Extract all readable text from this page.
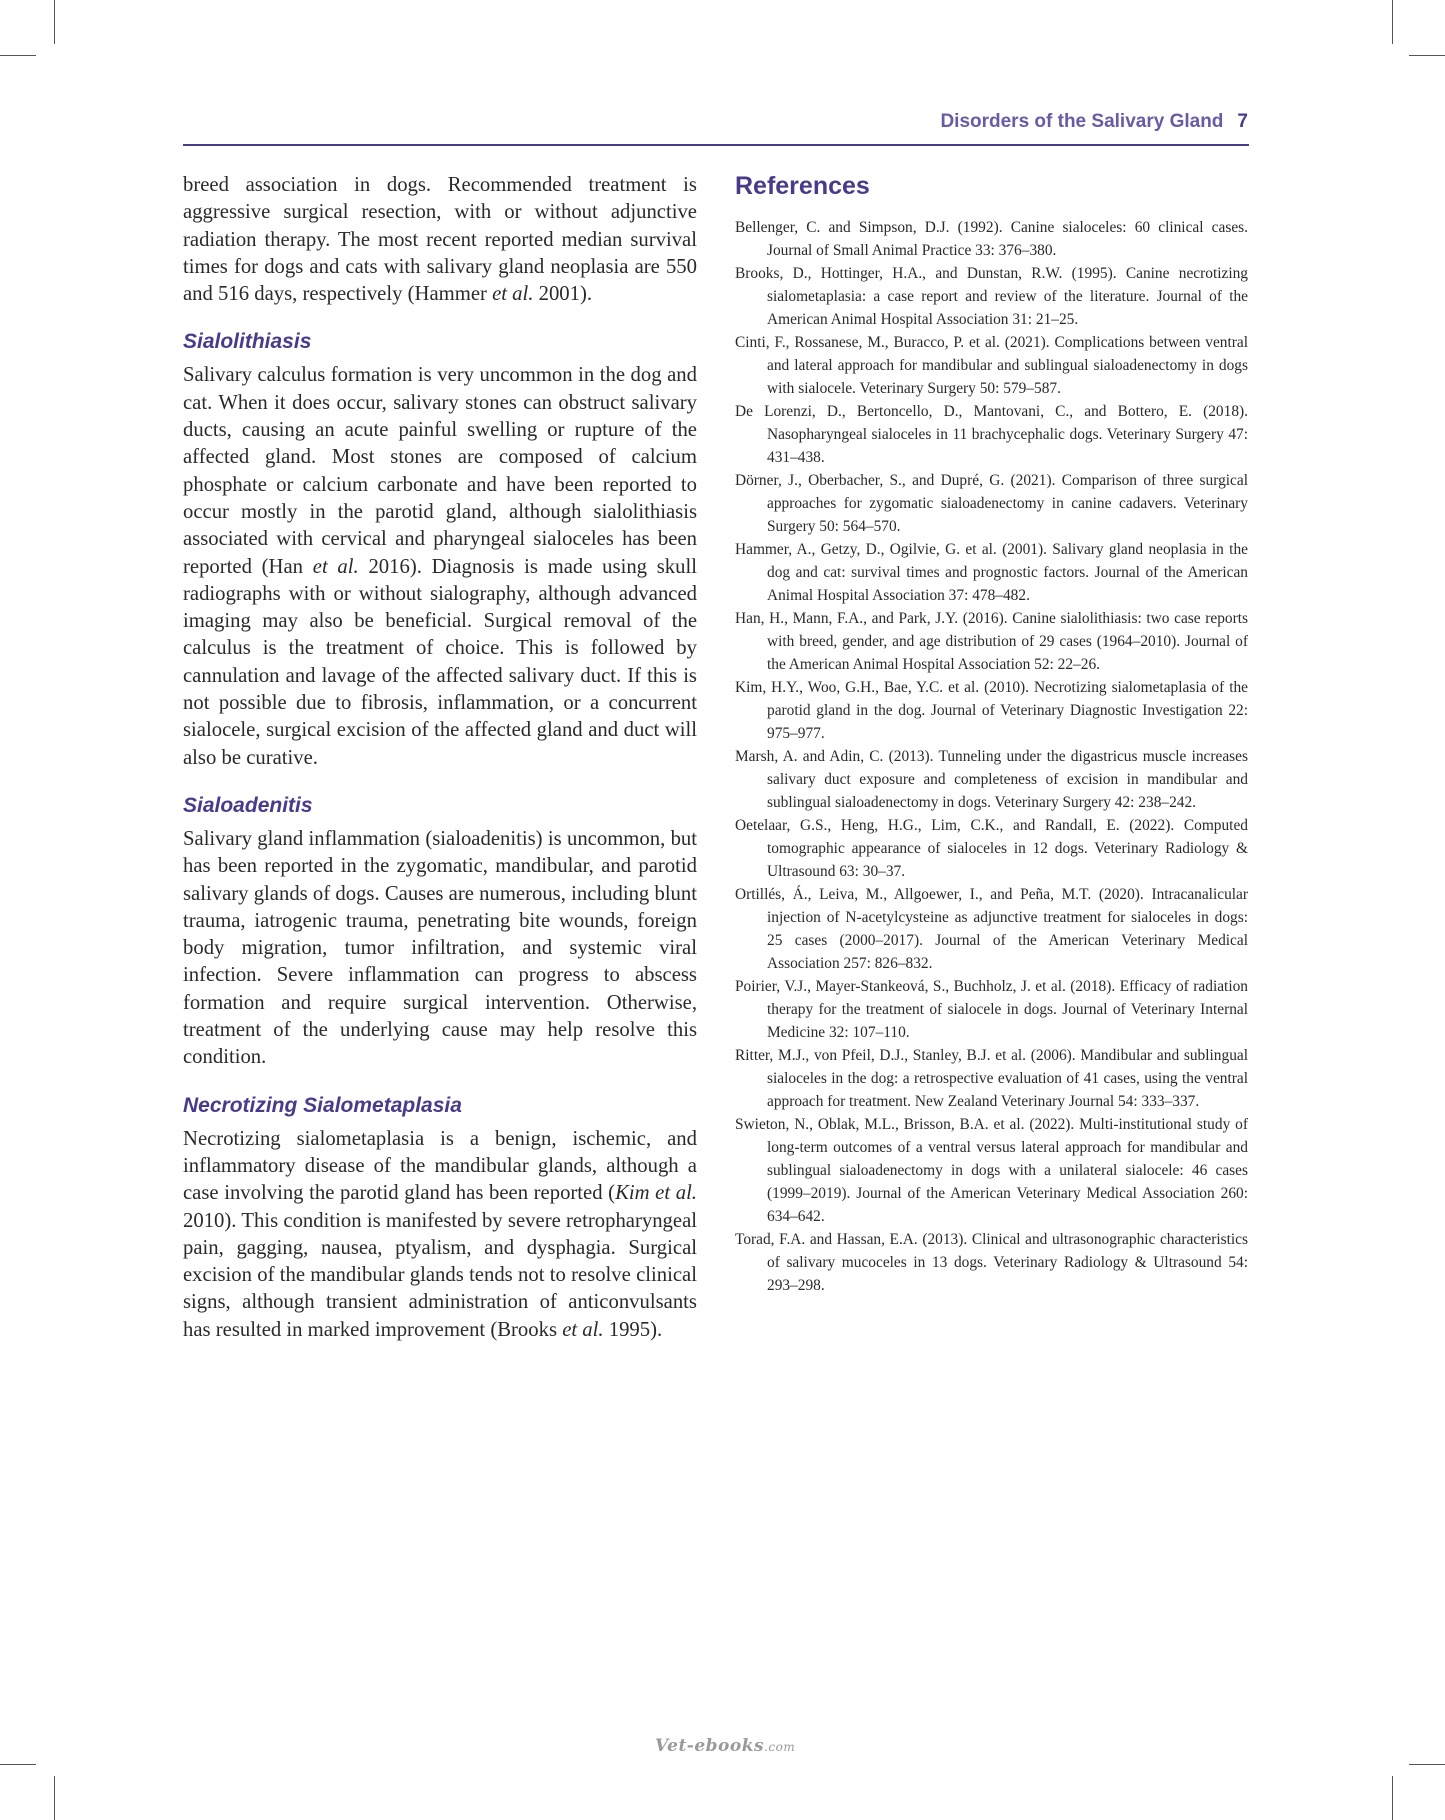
Disorders of the Salivary Gland 7

breed association in dogs. Recommended treatment is aggressive surgical resection, with or without adjunctive radiation therapy. The most recent reported median survival times for dogs and cats with salivary gland neoplasia are 550 and 516 days, respectively (Hammer et al. 2001).

Sialolithiasis

Salivary calculus formation is very uncommon in the dog and cat. When it does occur, salivary stones can obstruct salivary ducts, causing an acute painful swelling or rupture of the affected gland. Most stones are composed of calcium phosphate or calcium carbonate and have been reported to occur mostly in the parotid gland, although sialolithiasis associated with cervical and pharyngeal sialoceles has been reported (Han et al. 2016). Diagnosis is made using skull radiographs with or without sialography, although advanced imaging may also be beneficial. Surgical removal of the calculus is the treatment of choice. This is followed by cannulation and lavage of the affected salivary duct. If this is not possible due to fibrosis, inflammation, or a concurrent sialocele, surgical excision of the affected gland and duct will also be curative.

Sialoadenitis

Salivary gland inflammation (sialoadenitis) is uncommon, but has been reported in the zygomatic, mandibular, and parotid salivary glands of dogs. Causes are numerous, including blunt trauma, iatrogenic trauma, penetrating bite wounds, foreign body migration, tumor infiltration, and systemic viral infection. Severe inflammation can progress to abscess formation and require surgical intervention. Otherwise, treatment of the underlying cause may help resolve this condition.

Necrotizing Sialometaplasia

Necrotizing sialometaplasia is a benign, ischemic, and inflammatory disease of the mandibular glands, although a case involving the parotid gland has been reported (Kim et al. 2010). This condition is manifested by severe retropharyngeal pain, gagging, nausea, ptyalism, and dysphagia. Surgical excision of the mandibular glands tends not to resolve clinical signs, although transient administration of anticonvulsants has resulted in marked improvement (Brooks et al. 1995).

References

Bellenger, C. and Simpson, D.J. (1992). Canine sialoceles: 60 clinical cases. Journal of Small Animal Practice 33: 376–380.

Brooks, D., Hottinger, H.A., and Dunstan, R.W. (1995). Canine necrotizing sialometaplasia: a case report and review of the literature. Journal of the American Animal Hospital Association 31: 21–25.

Cinti, F., Rossanese, M., Buracco, P. et al. (2021). Complications between ventral and lateral approach for mandibular and sublingual sialoadenectomy in dogs with sialocele. Veterinary Surgery 50: 579–587.

De Lorenzi, D., Bertoncello, D., Mantovani, C., and Bottero, E. (2018). Nasopharyngeal sialoceles in 11 brachycephalic dogs. Veterinary Surgery 47: 431–438.

Dörner, J., Oberbacher, S., and Dupré, G. (2021). Comparison of three surgical approaches for zygomatic sialoadenectomy in canine cadavers. Veterinary Surgery 50: 564–570.

Hammer, A., Getzy, D., Ogilvie, G. et al. (2001). Salivary gland neoplasia in the dog and cat: survival times and prognostic factors. Journal of the American Animal Hospital Association 37: 478–482.

Han, H., Mann, F.A., and Park, J.Y. (2016). Canine sialolithiasis: two case reports with breed, gender, and age distribution of 29 cases (1964–2010). Journal of the American Animal Hospital Association 52: 22–26.

Kim, H.Y., Woo, G.H., Bae, Y.C. et al. (2010). Necrotizing sialometaplasia of the parotid gland in the dog. Journal of Veterinary Diagnostic Investigation 22: 975–977.

Marsh, A. and Adin, C. (2013). Tunneling under the digastricus muscle increases salivary duct exposure and completeness of excision in mandibular and sublingual sialoadenectomy in dogs. Veterinary Surgery 42: 238–242.

Oetelaar, G.S., Heng, H.G., Lim, C.K., and Randall, E. (2022). Computed tomographic appearance of sialoceles in 12 dogs. Veterinary Radiology & Ultrasound 63: 30–37.

Ortillés, Á., Leiva, M., Allgoewer, I., and Peña, M.T. (2020). Intracanalicular injection of N-acetylcysteine as adjunctive treatment for sialoceles in dogs: 25 cases (2000–2017). Journal of the American Veterinary Medical Association 257: 826–832.

Poirier, V.J., Mayer-Stankeová, S., Buchholz, J. et al. (2018). Efficacy of radiation therapy for the treatment of sialocele in dogs. Journal of Veterinary Internal Medicine 32: 107–110.

Ritter, M.J., von Pfeil, D.J., Stanley, B.J. et al. (2006). Mandibular and sublingual sialoceles in the dog: a retrospective evaluation of 41 cases, using the ventral approach for treatment. New Zealand Veterinary Journal 54: 333–337.

Swieton, N., Oblak, M.L., Brisson, B.A. et al. (2022). Multi-institutional study of long-term outcomes of a ventral versus lateral approach for mandibular and sublingual sialoadenectomy in dogs with a unilateral sialocele: 46 cases (1999–2019). Journal of the American Veterinary Medical Association 260: 634–642.

Torad, F.A. and Hassan, E.A. (2013). Clinical and ultrasonographic characteristics of salivary mucoceles in 13 dogs. Veterinary Radiology & Ultrasound 54: 293–298.

Vet-ebooks.com
